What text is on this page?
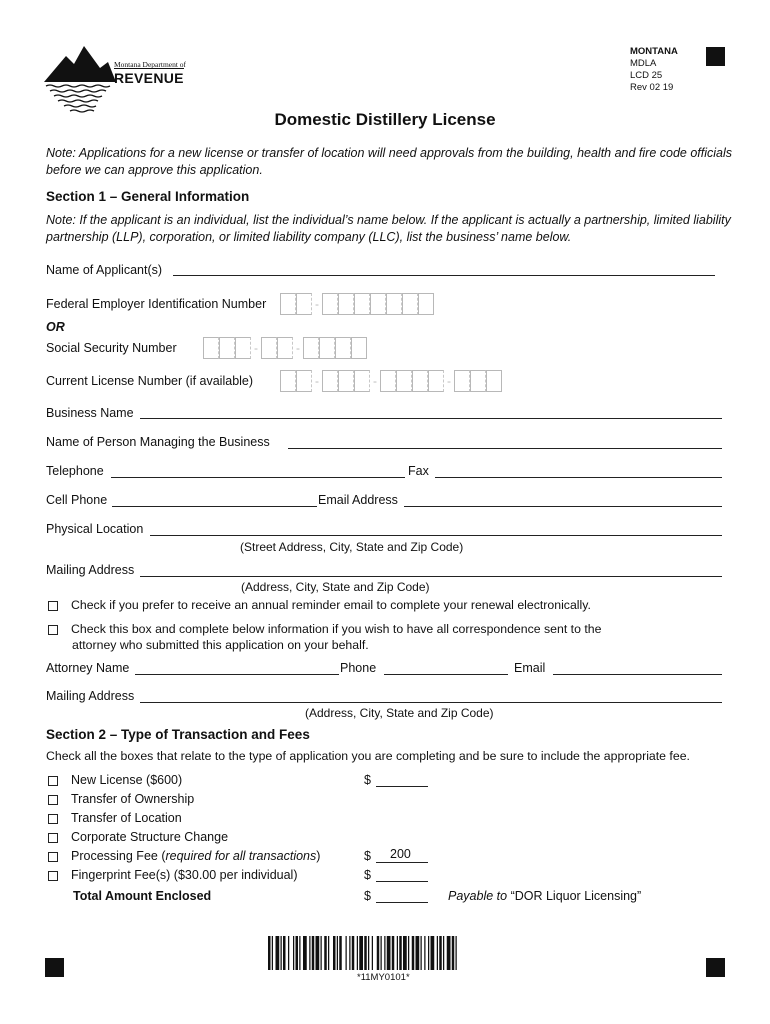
Montana Department of
REVENUE
MONTANA
MDLA
LCD 25
Rev 02 19
Domestic Distillery License
Note: Applications for a new license or transfer of location will need approvals from the building, health and fire code officials before we can approve this application.
Section 1 – General Information
Note: If the applicant is an individual, list the individual’s name below. If the applicant is actually a partnership, limited liability partnership (LLP), corporation, or limited liability company (LLC), list the business’ name below.
Name of Applicant(s)
Federal Employer Identification Number	-
OR
Social Security Number	-	-
Current License Number (if available)	-	-	-
Business Name
Name of Person Managing the Business
Telephone	Fax
Cell Phone	Email Address
Physical Location
(Street Address, City, State and Zip Code)
Mailing Address
(Address, City, State and Zip Code)
Check if you prefer to receive an annual reminder email to complete your renewal electronically.
Check this box and complete below information if you wish to have all correspondence sent to the
attorney who submitted this application on your behalf.
Attorney Name	Phone	Email
Mailing Address
(Address, City, State and Zip Code)
Section 2 – Type of Transaction and Fees
Check all the boxes that relate to the type of application you are completing and be sure to include the appropriate fee.
New License ($600)	$
Transfer of Ownership
Transfer of Location
Corporate Structure Change
Processing Fee (required for all transactions)	$ 200
Fingerprint Fee(s) ($30.00 per individual)	$
Total Amount Enclosed	$	Payable to “DOR Liquor Licensing”
*11MY0101*
